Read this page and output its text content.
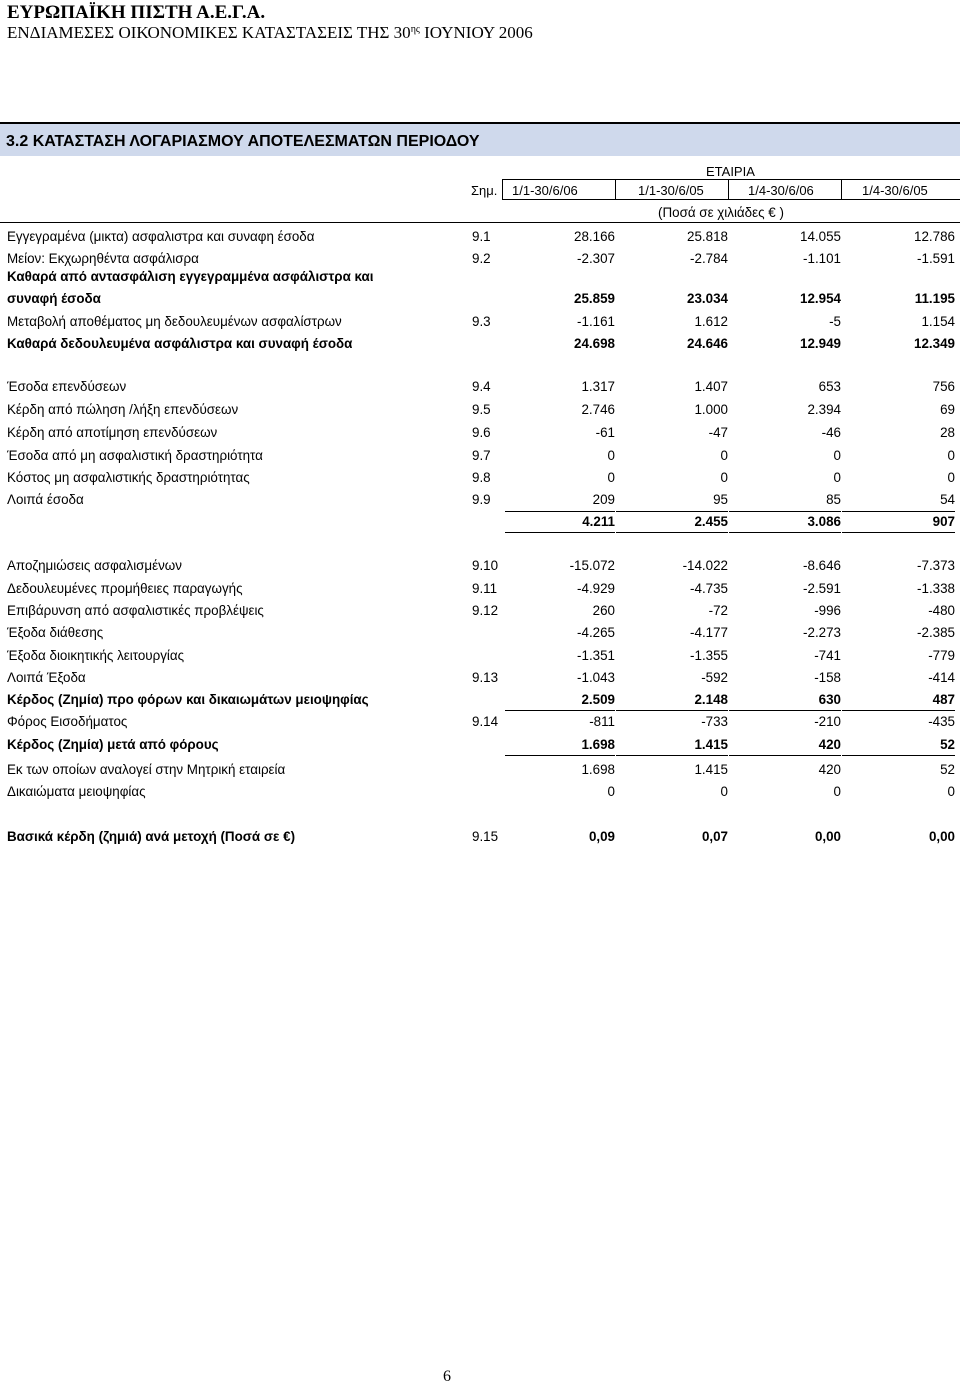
ΕΥΡΩΠΑΪΚΗ ΠΙΣΤΗ Α.Ε.Γ.Α.
ΕΝΔΙΑΜΕΣΕΣ ΟΙΚΟΝΟΜΙΚΕΣ ΚΑΤΑΣΤΑΣΕΙΣ ΤΗΣ $30^{\eta\varsigma}$ ΙΟΥΝΙΟΥ 2006
3.2 ΚΑΤΑΣΤΑΣΗ ΛΟΓΑΡΙΑΣΜΟΥ ΑΠΟΤΕΛΕΣΜΑΤΩΝ ΠΕΡΙΟΔΟΥ
ΕΤΑΙΡΙΑ
Σημ. 1/1-30/6/06	1/1-30/6/05	1/4-30/6/06	1/4-30/6/05
(Ποσά σε χιλιάδες € )
Εγγεγραμένα (μικτα) ασφαλιστρα και συναφη έσοδα	9.1	28.166	25.818	14.055	12.786
Μείον: Εκχωρηθέντα ασφάλισρα	9.2	-2.307	-2.784	-1.101	-1.591
Καθαρά από αντασφάλιση εγγεγραμμένα ασφάλιστρα και
συναφή έσοδα	25.859	23.034	12.954	11.195
Μεταβολή αποθέματος μη δεδουλευμένων ασφαλίστρων	9.3	-1.161	1.612	-5	1.154
Καθαρά δεδουλευμένα ασφάλιστρα και συναφή έσοδα	24.698	24.646	12.949	12.349
Έσοδα επενδύσεων	9.4	1.317	1.407	653	756
Κέρδη από πώληση /λήξη επενδύσεων	9.5	2.746	1.000	2.394	69
Κέρδη από αποτίμηση επενδύσεων	9.6	-61	-47	-46	28
Έσοδα από μη ασφαλιστική δραστηριότητα	9.7	0	0	0	0
Κόστος μη ασφαλιστικής δραστηριότητας	9.8	0	0	0	0
Λοιπά έσοδα	9.9	209	95	85	54
4.211	2.455	3.086	907
Αποζημιώσεις ασφαλισμένων	9.10	-15.072	-14.022	-8.646	-7.373
Δεδουλευμένες προμήθειες παραγωγής	9.11	-4.929	-4.735	-2.591	-1.338
Επιβάρυνση από ασφαλιστικές προβλέψεις	9.12	260	-72	-996	-480
Έξοδα διάθεσης	-4.265	-4.177	-2.273	-2.385
Έξοδα διοικητικής λειτουργίας	-1.351	-1.355	-741	-779
Λοιπά Έξοδα	9.13	-1.043	-592	-158	-414
Κέρδος (Ζημία) προ φόρων και δικαιωμάτων μειοψηφίας	2.509	2.148	630	487
Φόρος Εισοδήματος	9.14	-811	-733	-210	-435
Κέρδος (Ζημία) μετά από φόρους	1.698	1.415	420	52
Εκ των οποίων αναλογεί στην Μητρική εταιρεία	1.698	1.415	420	52
Δικαιώματα μειοψηφίας	0	0	0	0
Βασικά κέρδη (ζημιά) ανά μετοχή (Ποσά σε €)	9.15	0,09	0,07	0,00	0,00
6
